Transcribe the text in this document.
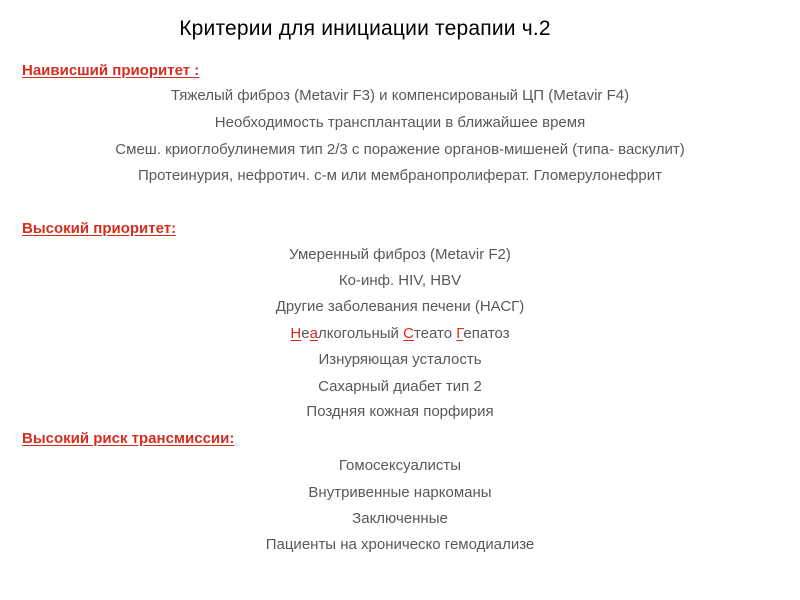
Критерии для инициации терапии ч.2
Наивисший приоритет :
Тяжелый фиброз (Metavir F3) и компенсированый ЦП (Metavir F4)
Необходимость трансплантации в ближайшее время
Смеш. криоглобулинемия тип 2/3 с поражение органов-мишеней (типа- васкулит)
Протеинурия, нефротич. с-м или мембранопролиферат. Гломерулонефрит
Высокий приоритет:
Умеренный фиброз (Metavir F2)
Ко-инф. HIV, HBV
Другие заболевания печени (НАСГ)
Неалкогольный Стеато Гепатоз
Изнуряющая усталость
Сахарный диабет тип 2
Поздняя кожная порфирия
Высокий риск трансмиссии:
Гомосексуалисты
Внутривенные наркоманы
Заключенные
Пациенты на хроническо гемодиализе
